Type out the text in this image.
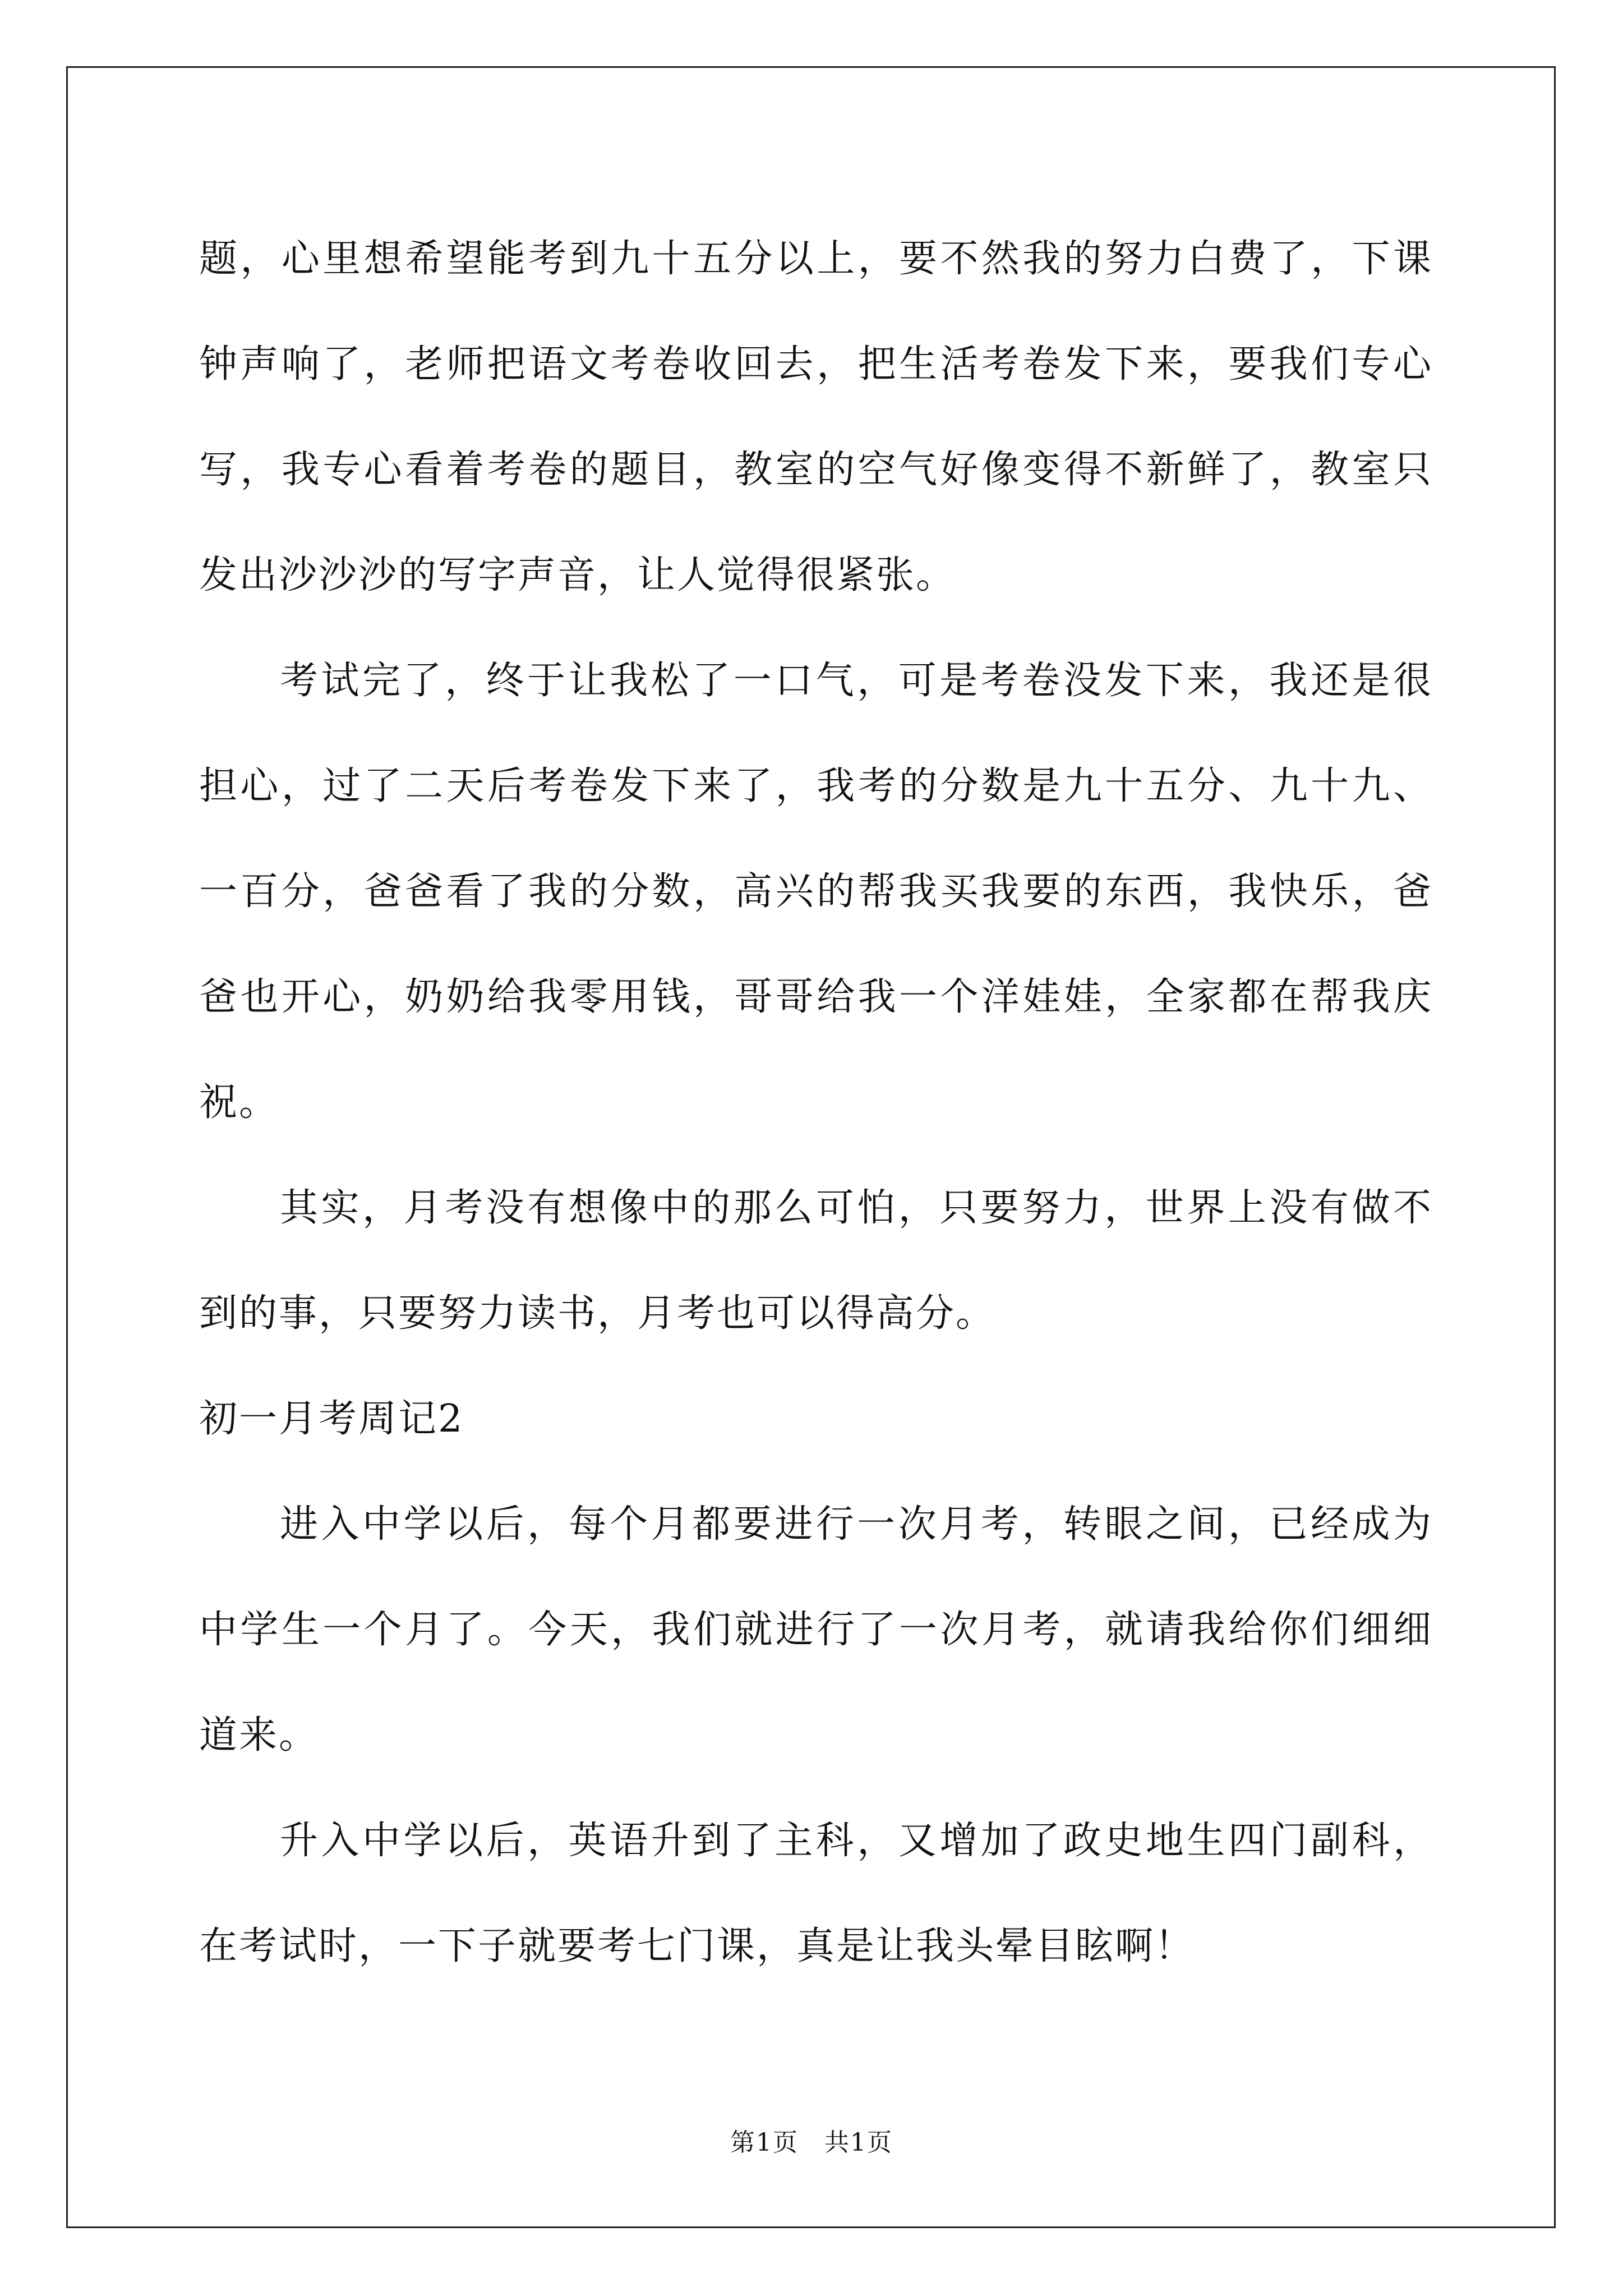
题，心里想希望能考到九十五分以上，要不然我的努力白费了，下课钟声响了，老师把语文考卷收回去，把生活考卷发下来，要我们专心写，我专心看着考卷的题目，教室的空气好像变得不新鲜了，教室只发出沙沙沙的写字声音，让人觉得很紧张。

考试完了，终于让我松了一口气，可是考卷没发下来，我还是很担心，过了二天后考卷发下来了，我考的分数是九十五分、九十九、一百分，爸爸看了我的分数，高兴的帮我买我要的东西，我快乐，爸爸也开心，奶奶给我零用钱，哥哥给我一个洋娃娃，全家都在帮我庆祝。

其实，月考没有想像中的那么可怕，只要努力，世界上没有做不到的事，只要努力读书，月考也可以得高分。

初一月考周记2

进入中学以后，每个月都要进行一次月考，转眼之间，已经成为中学生一个月了。今天，我们就进行了一次月考，就请我给你们细细道来。

升入中学以后，英语升到了主科，又增加了政史地生四门副科，在考试时，一下子就要考七门课，真是让我头晕目眩啊！

第1页　共1页
